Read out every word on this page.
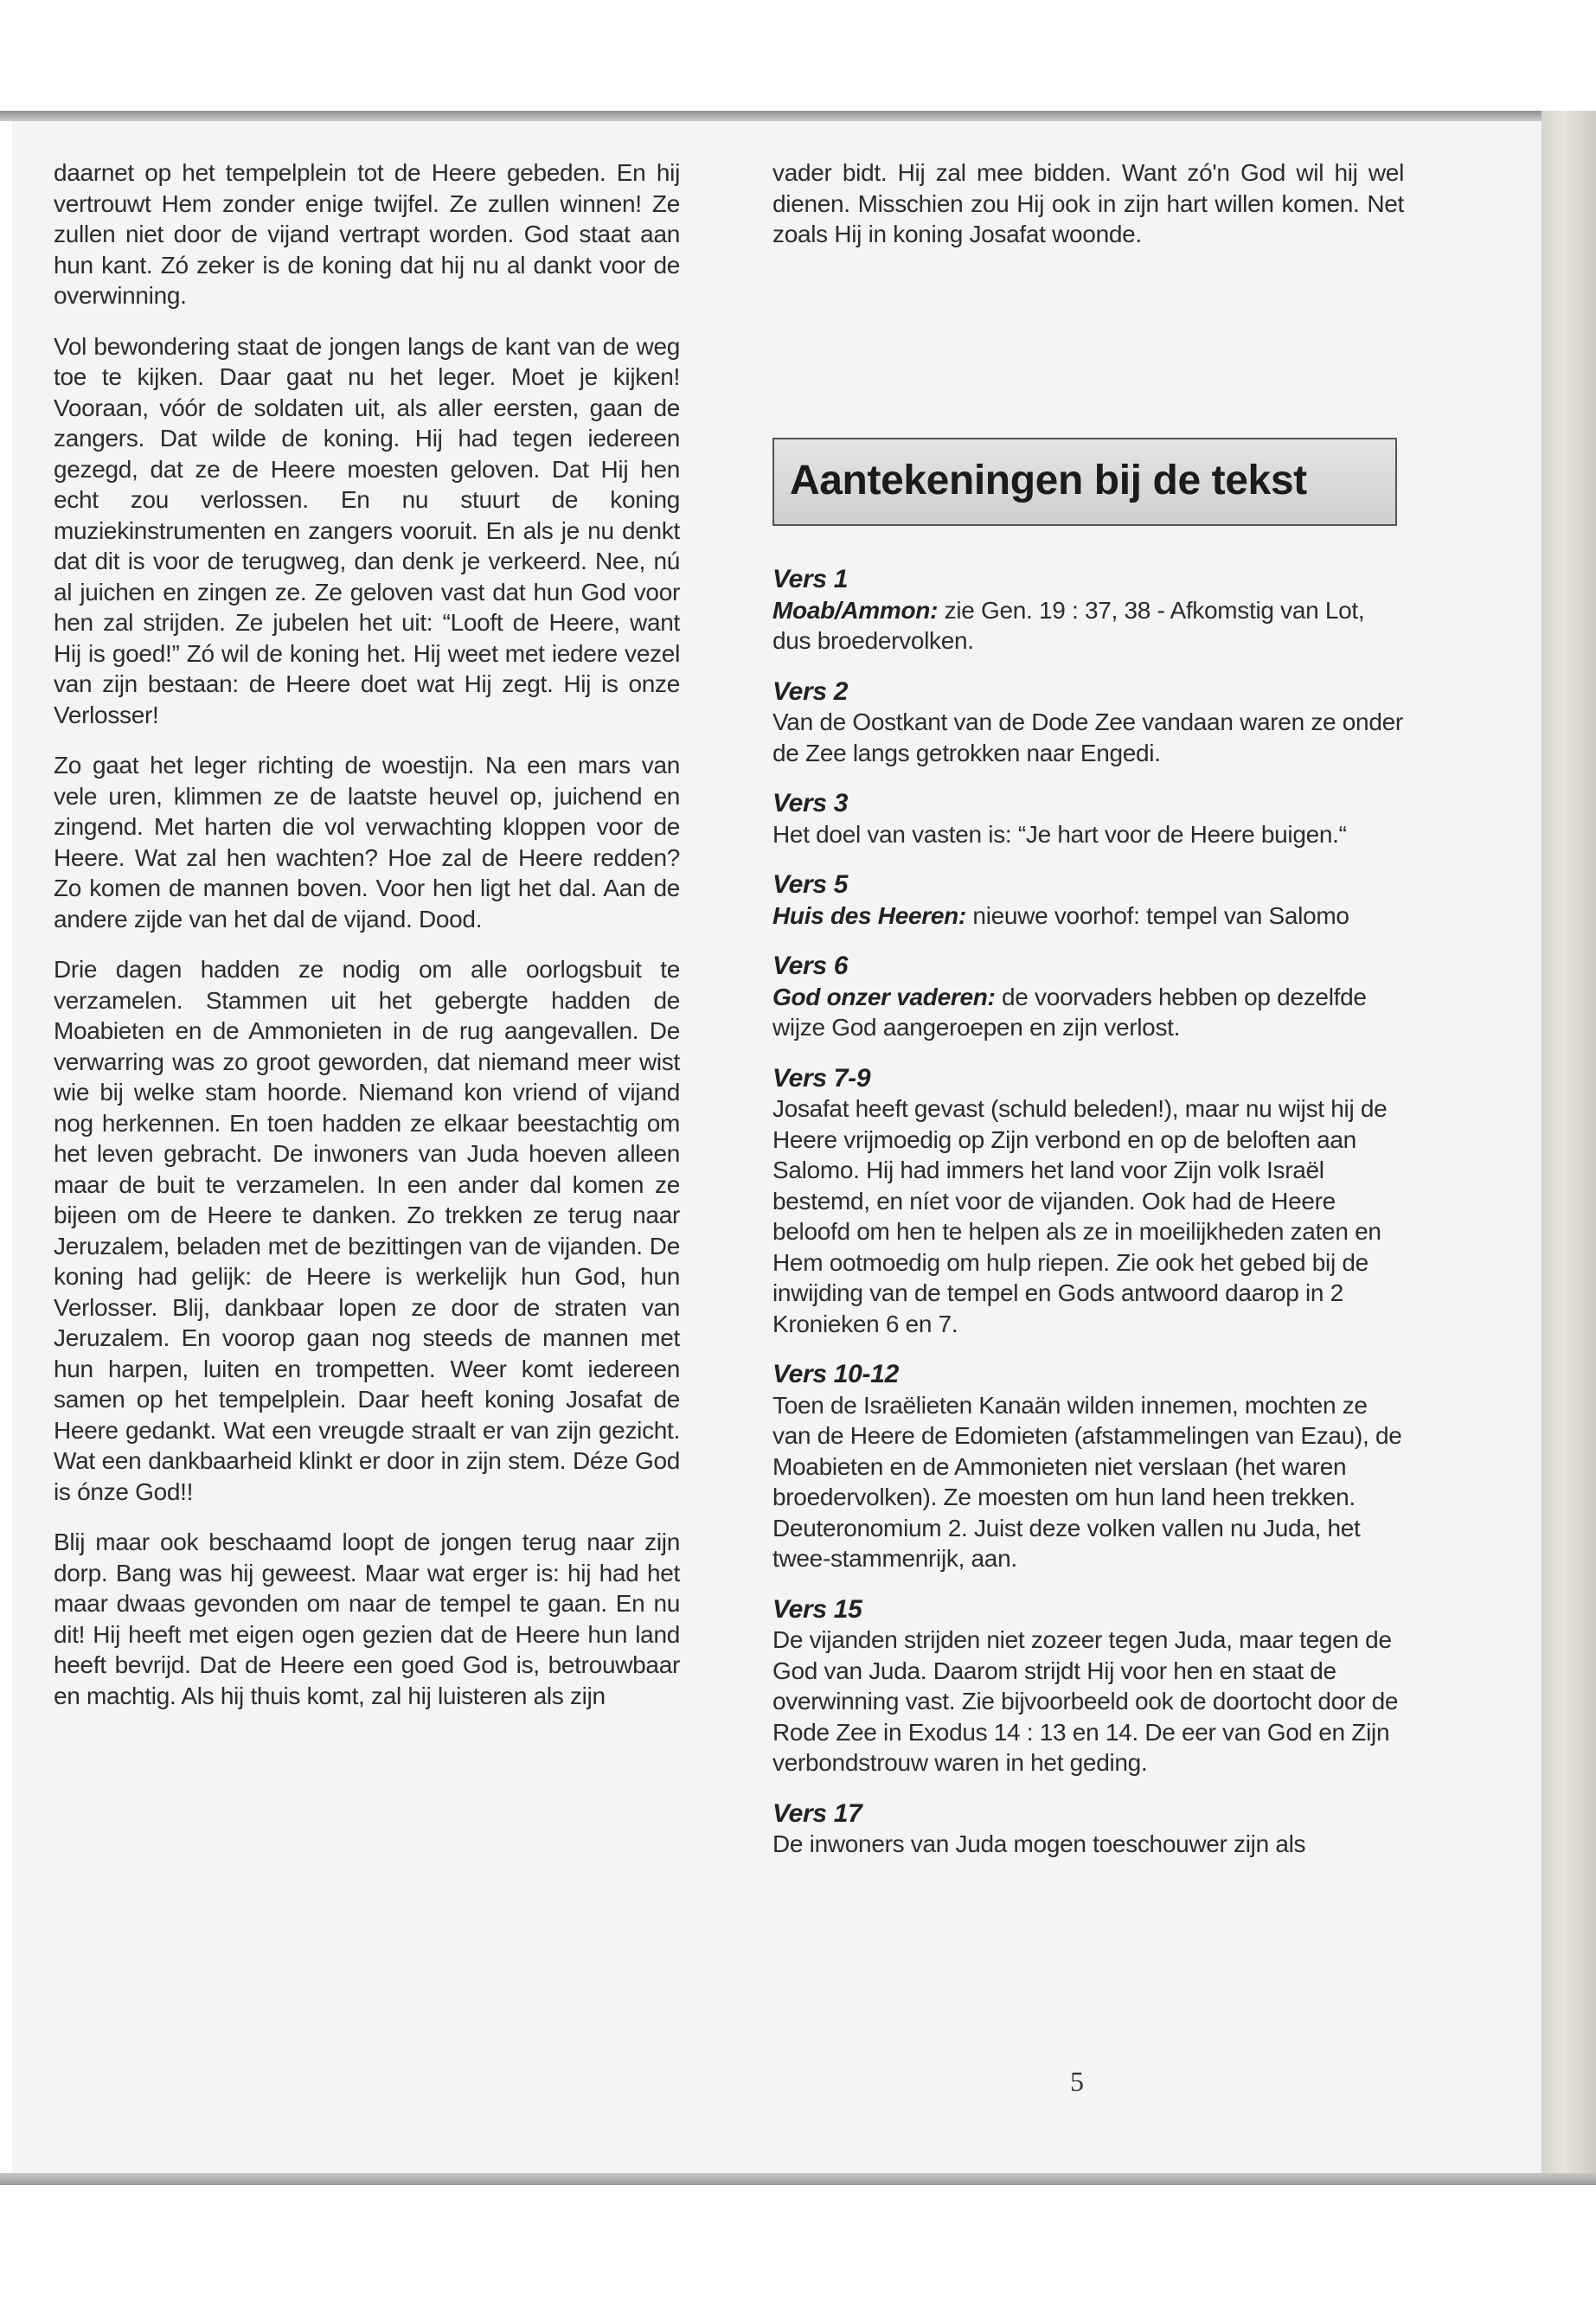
daarnet op het tempelplein tot de Heere gebeden. En hij vertrouwt Hem zonder enige twijfel. Ze zullen winnen! Ze zullen niet door de vijand vertrapt worden. God staat aan hun kant. Zó zeker is de koning dat hij nu al dankt voor de overwinning.

Vol bewondering staat de jongen langs de kant van de weg toe te kijken. Daar gaat nu het leger. Moet je kijken! Vooraan, vóór de soldaten uit, als aller eersten, gaan de zangers. Dat wilde de koning. Hij had tegen iedereen gezegd, dat ze de Heere moesten geloven. Dat Hij hen echt zou verlossen. En nu stuurt de koning muziekinstrumenten en zangers vooruit. En als je nu denkt dat dit is voor de terugweg, dan denk je verkeerd. Nee, nú al juichen en zingen ze. Ze geloven vast dat hun God voor hen zal strijden. Ze jubelen het uit: “Looft de Heere, want Hij is goed!” Zó wil de koning het. Hij weet met iedere vezel van zijn bestaan: de Heere doet wat Hij zegt. Hij is onze Verlosser!

Zo gaat het leger richting de woestijn. Na een mars van vele uren, klimmen ze de laatste heuvel op, juichend en zingend. Met harten die vol verwachting kloppen voor de Heere. Wat zal hen wachten? Hoe zal de Heere redden? Zo komen de mannen boven. Voor hen ligt het dal. Aan de andere zijde van het dal de vijand. Dood.

Drie dagen hadden ze nodig om alle oorlogsbuit te verzamelen. Stammen uit het gebergte hadden de Moabieten en de Ammonieten in de rug aangevallen. De verwarring was zo groot geworden, dat niemand meer wist wie bij welke stam hoorde. Niemand kon vriend of vijand nog herkennen. En toen hadden ze elkaar beestachtig om het leven gebracht. De inwoners van Juda hoeven alleen maar de buit te verzamelen. In een ander dal komen ze bijeen om de Heere te danken. Zo trekken ze terug naar Jeruzalem, beladen met de bezittingen van de vijanden. De koning had gelijk: de Heere is werkelijk hun God, hun Verlosser. Blij, dankbaar lopen ze door de straten van Jeruzalem. En voorop gaan nog steeds de mannen met hun harpen, luiten en trompetten. Weer komt iedereen samen op het tempelplein. Daar heeft koning Josafat de Heere gedankt. Wat een vreugde straalt er van zijn gezicht. Wat een dankbaarheid klinkt er door in zijn stem. Déze God is ónze God!!

Blij maar ook beschaamd loopt de jongen terug naar zijn dorp. Bang was hij geweest. Maar wat erger is: hij had het maar dwaas gevonden om naar de tempel te gaan. En nu dit! Hij heeft met eigen ogen gezien dat de Heere hun land heeft bevrijd. Dat de Heere een goed God is, betrouwbaar en machtig. Als hij thuis komt, zal hij luisteren als zijn

vader bidt. Hij zal mee bidden. Want zó'n God wil hij wel dienen. Misschien zou Hij ook in zijn hart willen komen. Net zoals Hij in koning Josafat woonde.

Aantekeningen bij de tekst
Vers 1
Moab/Ammon: zie Gen. 19 : 37, 38 - Afkomstig van Lot, dus broedervolken.
Vers 2
Van de Oostkant van de Dode Zee vandaan waren ze onder de Zee langs getrokken naar Engedi.
Vers 3
Het doel van vasten is: “Je hart voor de Heere buigen.“
Vers 5
Huis des Heeren: nieuwe voorhof: tempel van Salomo
Vers 6
God onzer vaderen: de voorvaders hebben op dezelfde wijze God aangeroepen en zijn verlost.
Vers 7-9
Josafat heeft gevast (schuld beleden!), maar nu wijst hij de Heere vrijmoedig op Zijn verbond en op de beloften aan Salomo. Hij had immers het land voor Zijn volk Israël bestemd, en níet voor de vijanden. Ook had de Heere beloofd om hen te helpen als ze in moeilijkheden zaten en Hem ootmoedig om hulp riepen. Zie ook het gebed bij de inwijding van de tempel en Gods antwoord daarop in 2 Kronieken 6 en 7.
Vers 10-12
Toen de Israëlieten Kanaän wilden innemen, mochten ze van de Heere de Edomieten (afstammelingen van Ezau), de Moabieten en de Ammonieten niet verslaan (het waren broedervolken). Ze moesten om hun land heen trekken. Deuteronomium 2. Juist deze volken vallen nu Juda, het twee-stammenrijk, aan.
Vers 15
De vijanden strijden niet zozeer tegen Juda, maar tegen de God van Juda. Daarom strijdt Hij voor hen en staat de overwinning vast. Zie bijvoorbeeld ook de doortocht door de Rode Zee in Exodus 14 : 13 en 14. De eer van God en Zijn verbondstrouw waren in het geding.
Vers 17
De inwoners van Juda mogen toeschouwer zijn als
5
